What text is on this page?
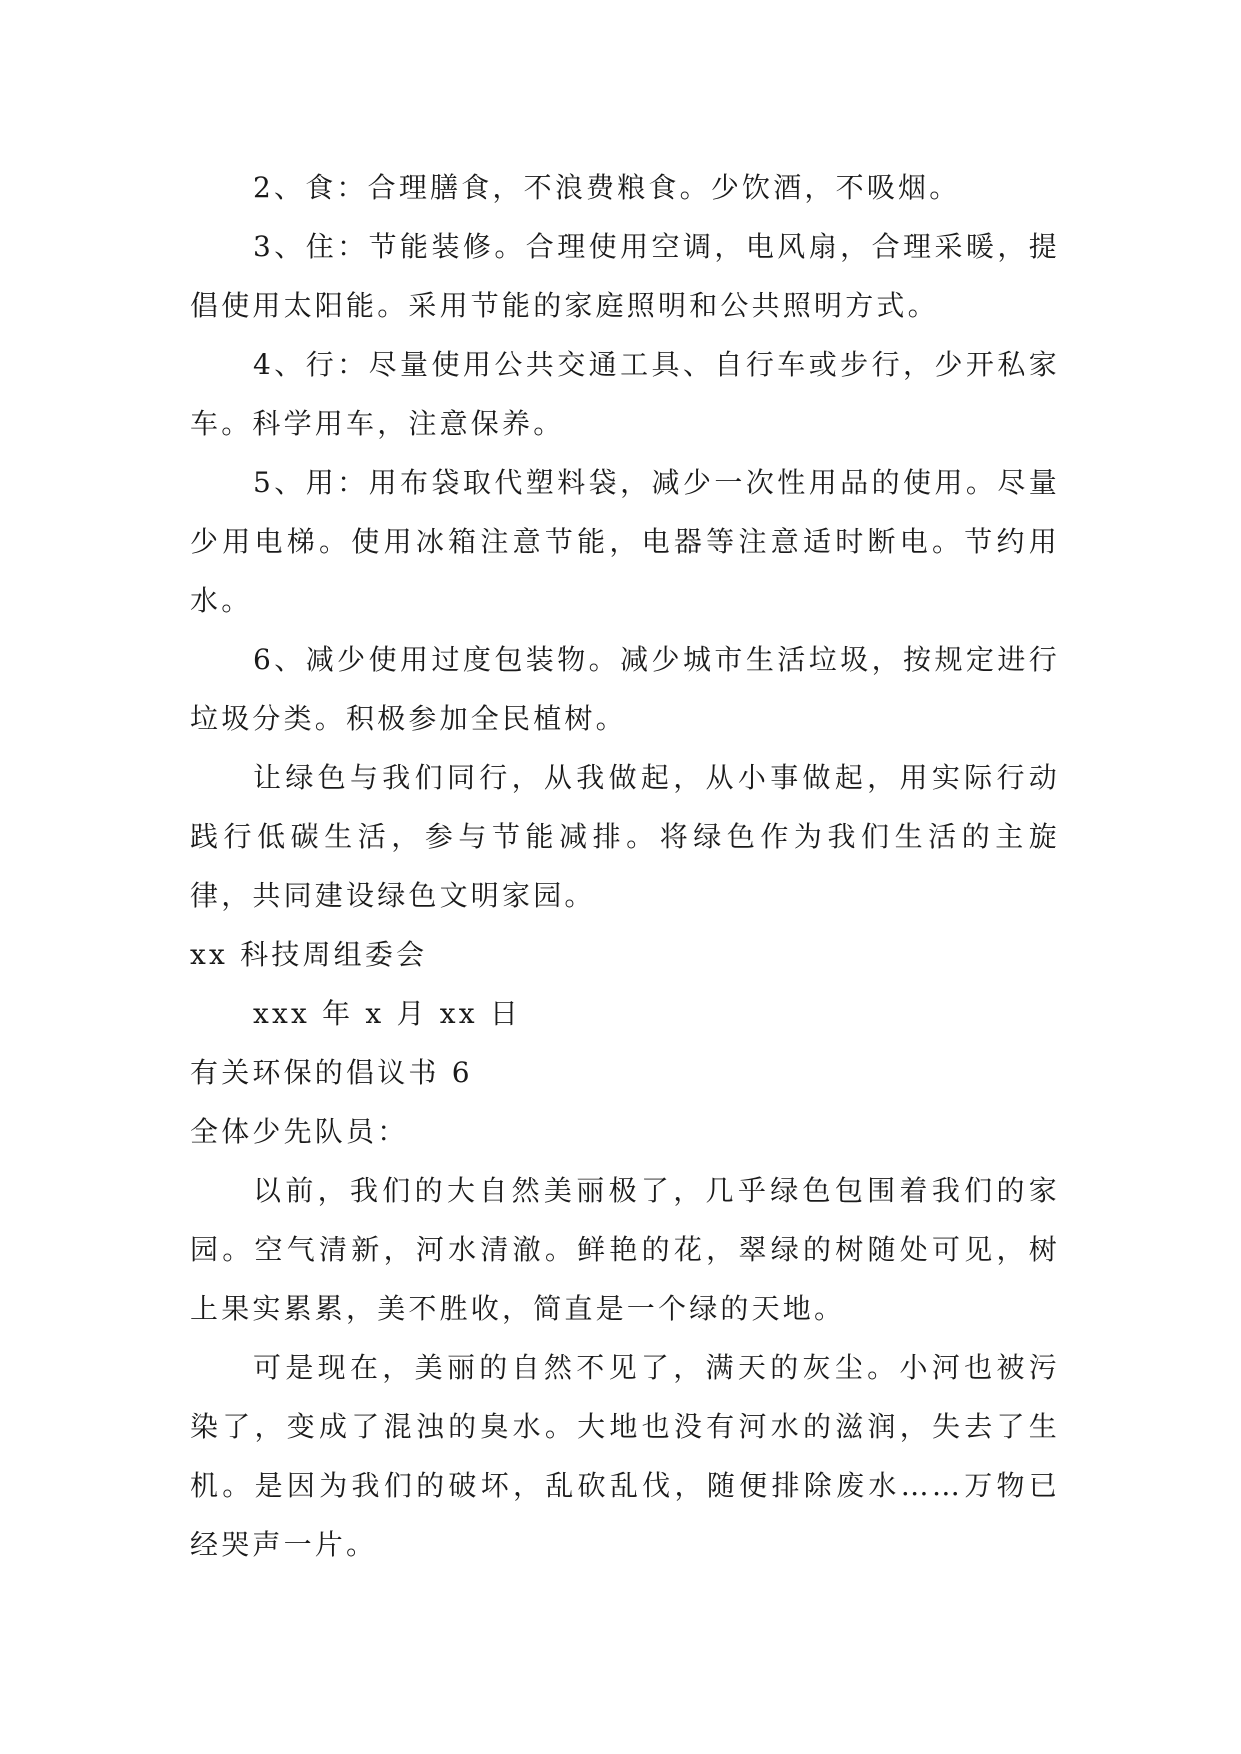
2、食：合理膳食，不浪费粮食。少饮酒，不吸烟。

3、住：节能装修。合理使用空调，电风扇，合理采暖，提倡使用太阳能。采用节能的家庭照明和公共照明方式。

4、行：尽量使用公共交通工具、自行车或步行，少开私家车。科学用车，注意保养。

5、用：用布袋取代塑料袋，减少一次性用品的使用。尽量少用电梯。使用冰箱注意节能，电器等注意适时断电。节约用水。

6、减少使用过度包装物。减少城市生活垃圾，按规定进行垃圾分类。积极参加全民植树。

让绿色与我们同行，从我做起，从小事做起，用实际行动践行低碳生活，参与节能减排。将绿色作为我们生活的主旋律，共同建设绿色文明家园。

xx 科技周组委会

xxx 年 x 月 xx 日

有关环保的倡议书 6

全体少先队员：

以前，我们的大自然美丽极了，几乎绿色包围着我们的家园。空气清新，河水清澈。鲜艳的花，翠绿的树随处可见，树上果实累累，美不胜收，简直是一个绿的天地。

可是现在，美丽的自然不见了，满天的灰尘。小河也被污染了，变成了混浊的臭水。大地也没有河水的滋润，失去了生机。是因为我们的破坏，乱砍乱伐，随便排除废水……万物已经哭声一片。
